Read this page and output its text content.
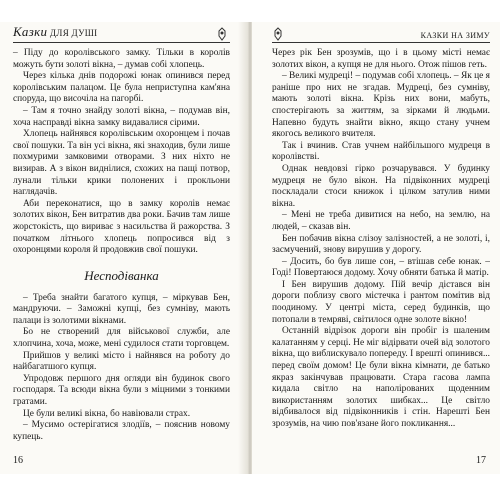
Казки ДЛЯ ДУШІ

– Піду до королівського замку. Тільки в королів можуть бути золоті вікна, – думав собі хлопець.

Через кілька днів подорожі юнак опинився перед королівським палацом. Це була неприступна кам'яна споруда, що височіла на пагорбі.

– Там я точно знайду золоті вікна, – подумав він, хоча насправді вікна замку видавалися сірими.

Хлопець найнявся королівським охоронцем і почав свої пошуки. Та він усі вікна, які знаходив, були лише похмурими замковими отворами. З них ніхто не визирав. А з вікон виднілися, схожих на пащі потвор, лунали тільки крики полонених і прокльони наглядачів.

Аби переконатися, що в замку королів немає золотих вікон, Бен витратив два роки. Бачив там лише жорстокість, що вириває з насильства й ражорства. З початком літнього хлопець попросився від з охоронцями короля й продовжив свої пошуки.

Несподіванка

– Треба знайти багатого купця, – міркував Бен, мандруючи. – Заможні купці, без сумніву, мають палаци із золотими вікнами.

Бо не створений для військової служби, але хлопчина, хоча, може, мені судилося стати торговцем.

Прийшов у великі місто і найнявся на роботу до найбагатшого купця.

Упродовж першого дня огляди він будинок свого господаря. Та всюди вікна були з міцними з тонкими гратами.

Це були великі вікна, бо навіювали страх.

– Мусимо остерігатися злодіїв, – пояснив новому купець.

16
КАЗКИ НА ЗИМУ

Через рік Бен зрозумів, що і в цьому місті немає золотих вікон, а купця не для нього. Отож пішов геть.

– Великі мудреці! – подумав собі хлопець. – Як це я раніше про них не згадав. Мудреці, без сумніву, мають золоті вікна. Крізь них вони, мабуть, спостерігають за життям, за зірками й людьми. Напевно будуть знайти вікно, якщо стану учнем якогось великого вчителя.

Так і вчинив. Став учнем найбільшого мудреця в королівстві.

Однак невдовзі гірко розчарувався. У будинку мудреця не було вікон. На підвіконних мудреці поскладали стоси книжок і цілком затулив ними вікна.

– Мені не треба дивитися на небо, на землю, на людей, – сказав він.

Бен побачив вікна слізоу залізностей, а не золоті, і, засмучений, знову вирушив у дорогу.

– Досить, бо був лише сон, – втішав себе юнак. – Годі! Повертаюся додому. Хочу обняти батька й матір.

І Бен вирушив додому. Пій вечір дістався він дороги поблизу свого містечка і рантом помітив від поодиному. У центрі міста, серед будинків, що потопали в темряві, світилося одне золоте вікно!

Останній відрізок дороги він пробіг із шаленим калатанням у серці. Не міг відірвати очей від золотого вікна, що виблискувало попереду. І врешті опинився... перед своїм домом! Це були вікна кімнати, де батько якраз закінчував працювати. Стара гасова лампа кидала світло на наполірованих щоденним використанням золотих шибках... Це світло відбивалося від підвіконників і стін. Нарешті Бен зрозумів, на чию пов'язане його покликання...

17
